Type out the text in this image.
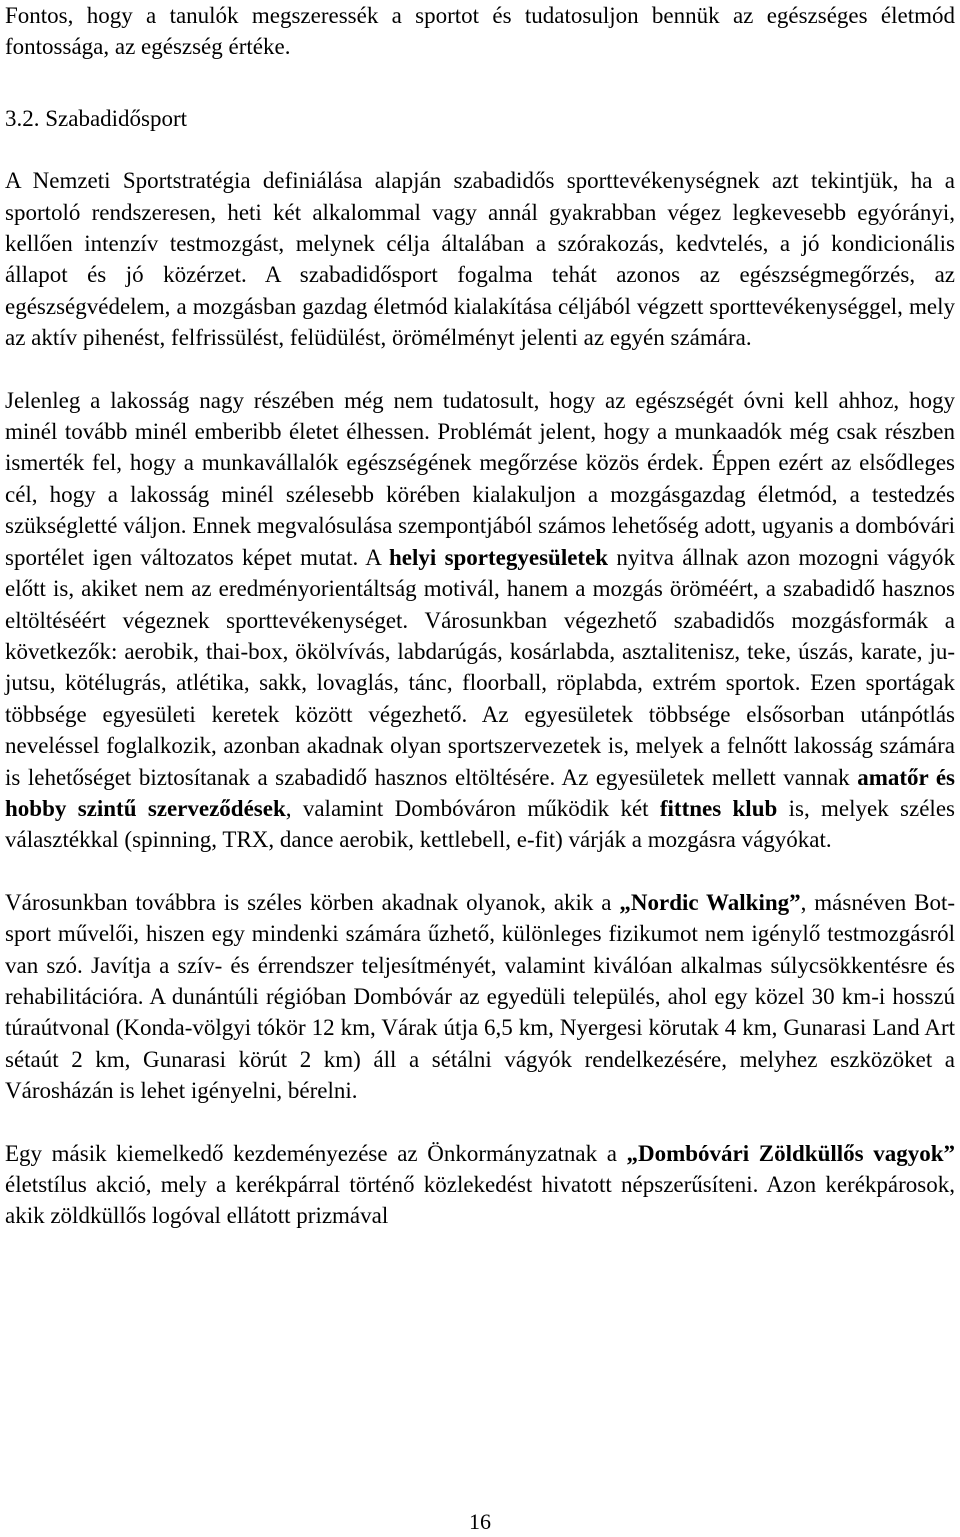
Fontos, hogy a tanulók megszeressék a sportot és tudatosuljon bennük az egészséges életmód fontossága, az egészség értéke.

3.2. Szabadidősport

A Nemzeti Sportstratégia definiálása alapján szabadidős sporttevékenységnek azt tekintjük, ha a sportoló rendszeresen, heti két alkalommal vagy annál gyakrabban végez legkevesebb egyórányi, kellően intenzív testmozgást, melynek célja általában a szórakozás, kedvtelés, a jó kondicionális állapot és jó közérzet. A szabadidősport fogalma tehát azonos az egészségmegőrzés, az egészségvédelem, a mozgásban gazdag életmód kialakítása céljából végzett sporttevékenységgel, mely az aktív pihenést, felfrissülést, felüdülést, örömélményt jelenti az egyén számára.

Jelenleg a lakosság nagy részében még nem tudatosult, hogy az egészségét óvni kell ahhoz, hogy minél tovább minél emberibb életet élhessen. Problémát jelent, hogy a munkaadók még csak részben ismerték fel, hogy a munkavállalók egészségének megőrzése közös érdek. Éppen ezért az elsődleges cél, hogy a lakosság minél szélesebb körében kialakuljon a mozgásgazdag életmód, a testedzés szükségletté váljon. Ennek megvalósulása szempontjából számos lehetőség adott, ugyanis a dombóvári sportélet igen változatos képet mutat. A helyi sportegyesületek nyitva állnak azon mozogni vágyók előtt is, akiket nem az eredményorientáltság motivál, hanem a mozgás öröméért, a szabadidő hasznos eltöltéséért végeznek sporttevékenységet. Városunkban végezhető szabadidős mozgásformák a következők: aerobik, thai-box, ökölvívás, labdarúgás, kosárlabda, asztalitenisz, teke, úszás, karate, ju-jutsu, kötélugrás, atlétika, sakk, lovaglás, tánc, floorball, röplabda, extrém sportok. Ezen sportágak többsége egyesületi keretek között végezhető. Az egyesületek többsége elsősorban utánpótlás neveléssel foglalkozik, azonban akadnak olyan sportszervezetek is, melyek a felnőtt lakosság számára is lehetőséget biztosítanak a szabadidő hasznos eltöltésére. Az egyesületek mellett vannak amatőr és hobby szintű szerveződések, valamint Dombóváron működik két fittnes klub is, melyek széles választékkal (spinning, TRX, dance aerobik, kettlebell, e-fit) várják a mozgásra vágyókat.

Városunkban továbbra is széles körben akadnak olyanok, akik a „Nordic Walking”, másnéven Bot-sport művelői, hiszen egy mindenki számára űzhető, különleges fizikumot nem igénylő testmozgásról van szó. Javítja a szív- és érrendszer teljesítményét, valamint kiválóan alkalmas súlycsökkentésre és rehabilitációra. A dunántúli régióban Dombóvár az egyedüli település, ahol egy közel 30 km-i hosszú túraútvonal (Konda-völgyi tókör 12 km, Várak útja 6,5 km, Nyergesi körutak 4 km, Gunarasi Land Art sétaút 2 km, Gunarasi körút 2 km) áll a sétálni vágyók rendelkezésére, melyhez eszközöket a Városházán is lehet igényelni, bérelni.

Egy másik kiemelkedő kezdeményezése az Önkormányzatnak a „Dombóvári Zöldküllős vagyok” életstílus akció, mely a kerékpárral történő közlekedést hivatott népszerűsíteni. Azon kerékpárosok, akik zöldküllős logóval ellátott prizmával

16
